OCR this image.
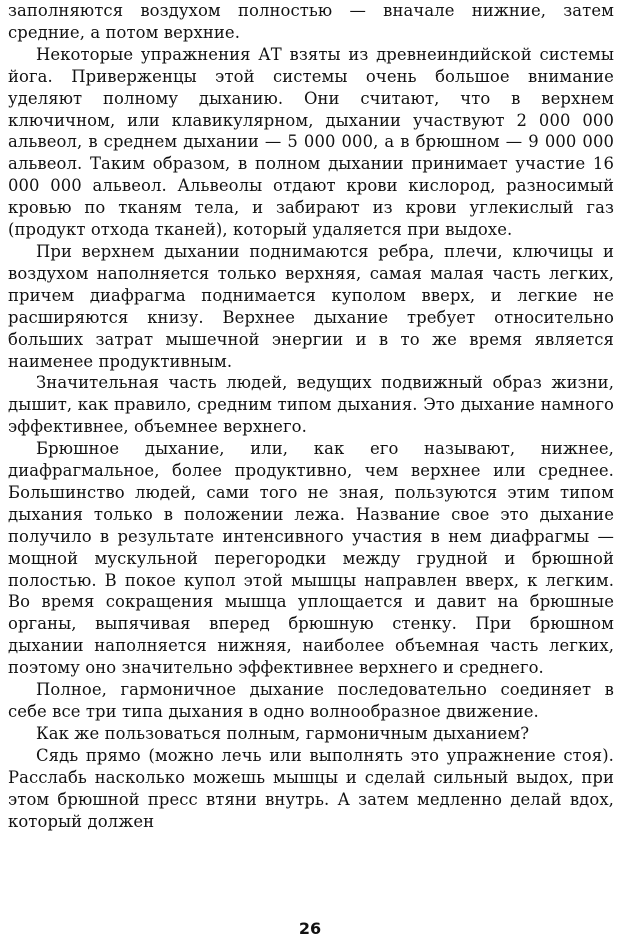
заполняются воздухом полностью — вначале нижние, затем средние, а потом верхние.

Некоторые упражнения АТ взяты из древнеиндийской системы йога. Приверженцы этой системы очень большое внимание уделяют полному дыханию. Они считают, что в верхнем ключичном, или клавикулярном, дыхании участвуют 2 000 000 альвеол, в среднем дыхании — 5 000 000, а в брюшном — 9 000 000 альвеол. Таким образом, в полном дыхании принимает участие 16 000 000 альвеол. Альвеолы отдают крови кислород, разносимый кровью по тканям тела, и забирают из крови углекислый газ (продукт отхода тканей), который удаляется при выдохе.

При верхнем дыхании поднимаются ребра, плечи, ключицы и воздухом наполняется только верхняя, самая малая часть легких, причем диафрагма поднимается куполом вверх, и легкие не расширяются книзу. Верхнее дыхание требует относительно больших затрат мышечной энергии и в то же время является наименее продуктивным.

Значительная часть людей, ведущих подвижный образ жизни, дышит, как правило, средним типом дыхания. Это дыхание намного эффективнее, объемнее верхнего.

Брюшное дыхание, или, как его называют, нижнее, диафрагмальное, более продуктивно, чем верхнее или среднее. Большинство людей, сами того не зная, пользуются этим типом дыхания только в положении лежа. Название свое это дыхание получило в результате интенсивного участия в нем диафрагмы — мощной мускульной перегородки между грудной и брюшной полостью. В покое купол этой мышцы направлен вверх, к легким. Во время сокращения мышца уплощается и давит на брюшные органы, выпячивая вперед брюшную стенку. При брюшном дыхании наполняется нижняя, наиболее объемная часть легких, поэтому оно значительно эффективнее верхнего и среднего.

Полное, гармоничное дыхание последовательно соединяет в себе все три типа дыхания в одно волнообразное движение.

Как же пользоваться полным, гармоничным дыханием?

Сядь прямо (можно лечь или выполнять это упражнение стоя). Расслабь насколько можешь мышцы и сделай сильный выдох, при этом брюшной пресс втяни внутрь. А затем медленно делай вдох, который должен

26
